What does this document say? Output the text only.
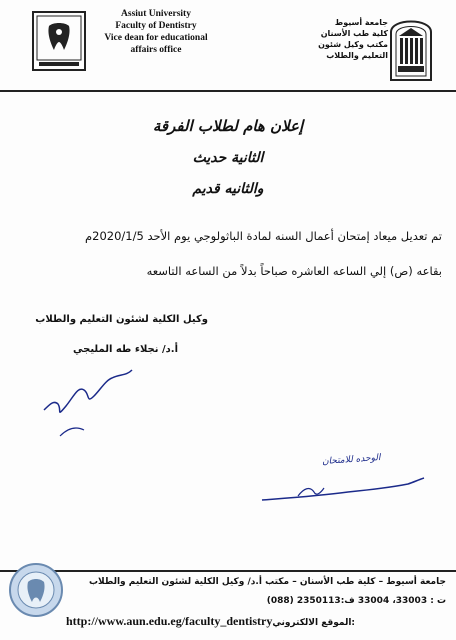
Assiut University
Faculty of Dentistry
Vice dean for educational
affairs office
جامعة أسيوط
كلية طب الأسنان
مكتب وكيل شئون
التعليم والطلاب
إعلان هام لطلاب الفرقة
الثانية حديث
والثانيه قديم
تم تعديل ميعاد إمتحان أعمال السنه لمادة الباثولوجي يوم الأحد 2020/1/5م
بقاعه (ص) إلي الساعه العاشره صباحاً بدلاً من الساعه التاسعه
وكيل الكلية لشئون التعليم والطلاب
أ.د/ نجلاء طه المليجي
الوحده للامتحان
جامعة أسيوط – كلية طب الأسنان – مكتب أ.د/ وكيل الكلية لشئون التعليم والطلاب
ت : 33003، 33004 ف:2350113 (088)
http://www.aun.edu.eg/faculty_dentistryالموقع الالكتروني:
